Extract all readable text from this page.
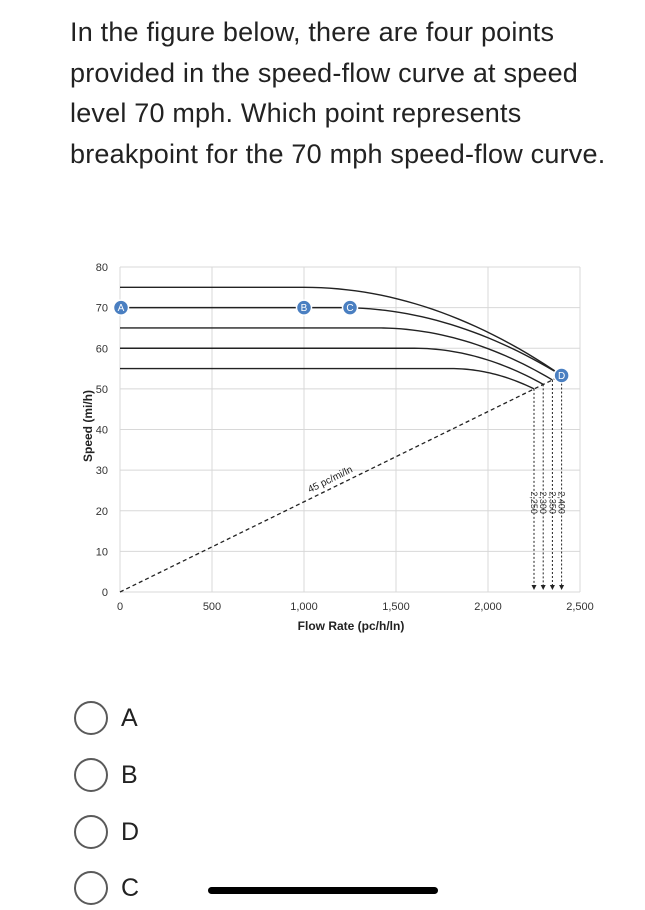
In the figure below, there are four points provided in the speed-flow curve at speed level 70 mph. Which point represents breakpoint for the 70 mph speed-flow curve.
0
10
20
30
40
50
60
70
80
0	500	1,000	1,500	2,000	2,500
45 pc/mi/ln
2,400
2,350
2,300
2,250
A	B	C
D
Flow Rate (pc/h/ln)
Speed (mi/h)
A
B
D
C
